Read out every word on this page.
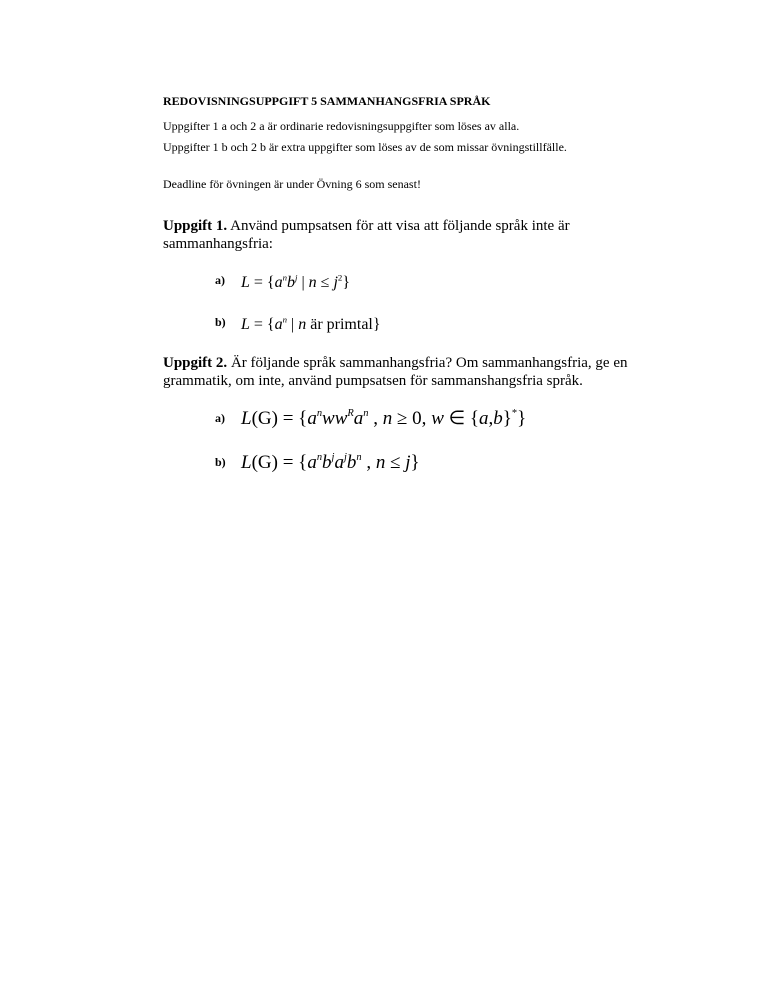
REDOVISNINGSUPPGIFT 5 SAMMANHANGSFRIA SPRÅK
Uppgifter 1 a och 2 a är ordinarie redovisningsuppgifter som löses av alla.
Uppgifter 1 b och 2 b är extra uppgifter som löses av de som missar övningstillfälle.
Deadline för övningen är under Övning 6 som senast!
Uppgift 1. Använd pumpsatsen för att visa att följande språk inte är sammanhangsfria:
a) $L = \{a^nb^j$ | $n \le j^2$}
b) $L = \{a^n$ | n är primtal}
Uppgift 2. Är följande språk sammanhangsfria? Om sammanhangsfria, ge en grammatik, om inte, använd pumpsatsen för sammanshangsfria språk.
a) $L(G) = \{a^nww^Ra^n$ , n ≥ 0, w ∈ {a,b}*}
b) $L(G) = \{a^nb^ja^jb^n$ , n ≤ j}
